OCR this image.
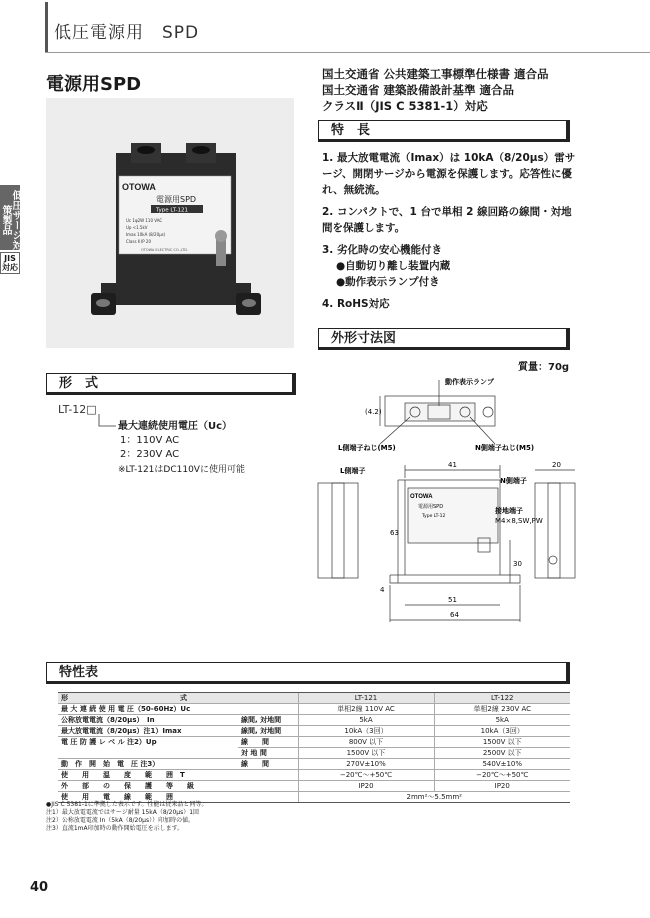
低圧電源用　SPD
低圧サージ対策製品
JIS対応
電源用SPD
OTOWA
電源用SPD
Type LT-121
Uc 1φ2W 110 VAC
Up <1.5kV
Imax 10kA (8/20μs)
Class Ⅱ IP 20
OTOWA ELECTRIC CO.,LTD.
国土交通省 公共建築工事標準仕様書 適合品
国土交通省 建築設備設計基準 適合品
クラスⅡ（JIS C 5381-1）対応
特　長
1. 最大放電電流（Imax）は 10kA（8/20μs）雷サージ、開閉サージから電源を保護します。応答性に優れ、無続流。
2. コンパクトで、1 台で単相 2 線回路の線間・対地間を保護します。
3. 劣化時の安心機能付き
●自動切り離し装置内蔵
●動作表示ランプ付き
4. RoHS対応
外形寸法図
質量：70g
動作表示ランプ
L側端子ねじ(M5)	N側端子ねじ(M5)
L側端子
N側端子
接地端子
M4×8,SW,PW
OTOWA
電源用SPD
Type LT-12
(4.2)
41	20
63
30
4
51
64
形　式
LT-12□
最大連続使用電圧（Uc）
1：110V AC
2：230V AC
※LT-121はDC110Vに使用可能
特性表
形　　　　　　　　　　　　　　　　式		LT-121	LT-122
最 大 連 続 使 用 電 圧（50-60Hz）Uc		単相2線 110V AC	単相2線 230V AC
公称放電電流（8/20μs）　In	線間, 対地間	5kA	5kA
最大放電電流（8/20μs）注1）Imax	線間, 対地間	10kA（3回）	10kA（3回）
電 圧 防 護 レ ベ ル 注2）Up	線　　間	800V 以下	1500V 以下
	対 地 間	1500V 以下	2500V 以下
動　作　開　始　電　圧 注3）	線　　間	270V±10%	540V±10%
使　　用　　温　　度　　範　　囲　T		−20℃〜+50℃	−20℃〜+50℃
外　　部　　の　　保　　護　　等　　級		IP20	IP20
使　　用　　電　　線　　範　　囲		2mm²〜5.5mm²	
●JIS C 5381-1に準拠した表示です。性能は従来品と同等。
注1）最大放電電流ではサージ耐量 15kA（8/20μs）1回
注2）公称放電電流 In（5kA（8/20μs））印加時の値。
注3）直流1mA印加時の動作開始電圧を示します。
40
